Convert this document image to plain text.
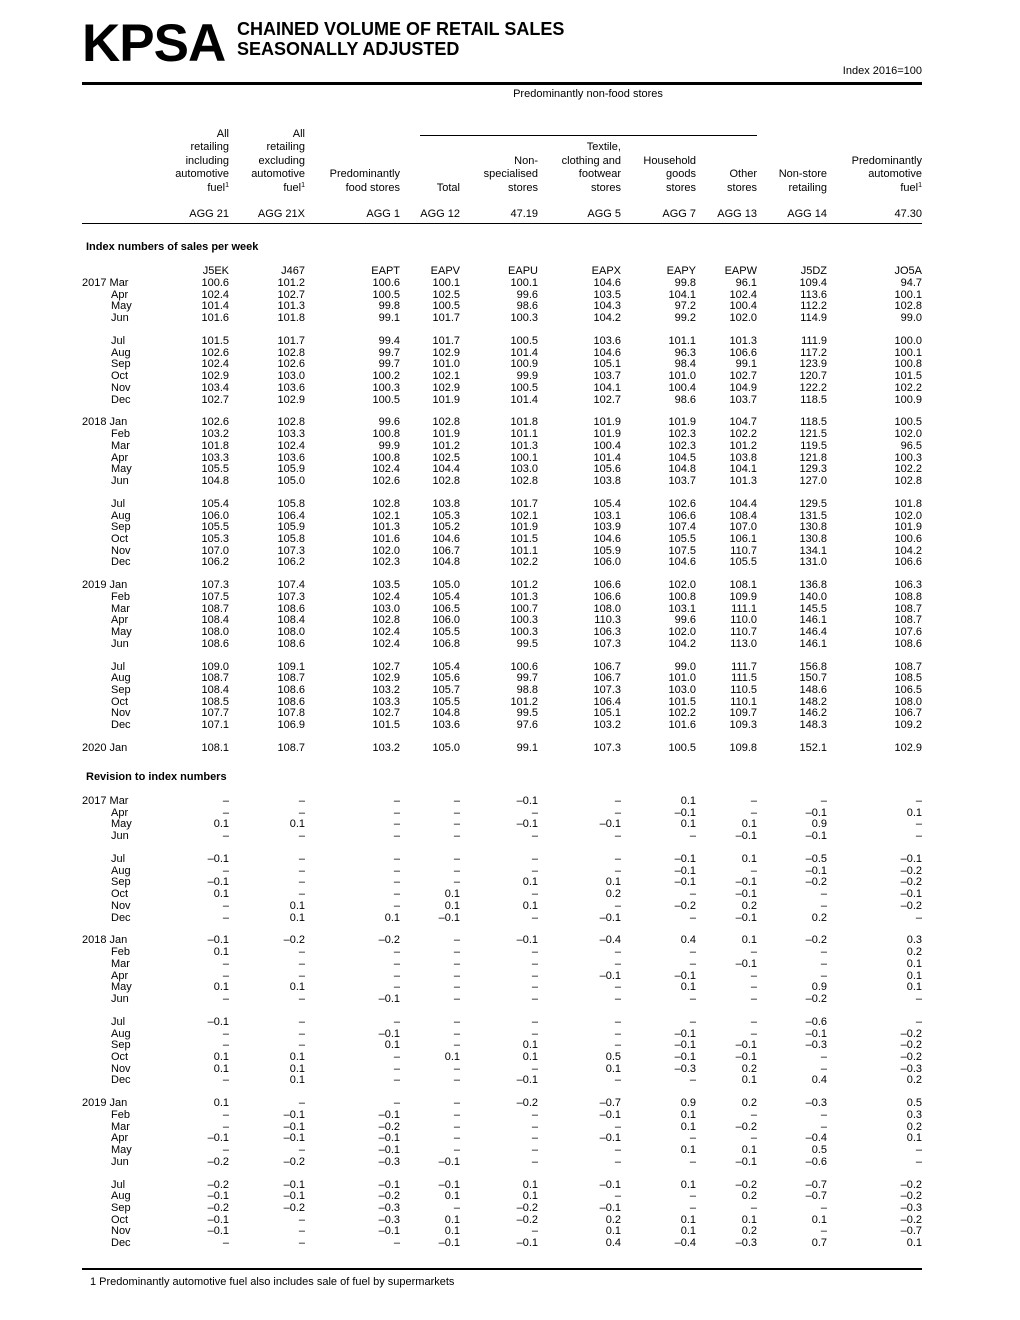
KPSA CHAINED VOLUME OF RETAIL SALES
SEASONALLY ADJUSTED
Index 2016=100
Predominantly non-food stores
All
retailing
including
automotive
fuel$^1$
AGG 21
All
retailing
excluding
automotive
fuel$^1$
AGG 21X
Predominantly
food stores
AGG 1
Total
AGG 12
Non-
specialised
stores
47.19
Textile,
clothing and
footwear
stores
AGG 5
Household
goods
stores
AGG 7
Other
stores
AGG 13
Non-store
retailing
AGG 14
Predominantly
automotive
fuel$^1$
47.30
Index numbers of sales per week
J5EK	J467	EAPT	EAPV	EAPU	EAPX	EAPY	EAPW	J5DZ	JO5A
2017 Mar	100.6	101.2	100.6	100.1	100.1	104.6	99.8	96.1	109.4	94.7
Apr	102.4	102.7	100.5	102.5	99.6	103.5	104.1	102.4	113.6	100.1
May	101.4	101.3	99.8	100.5	98.6	104.3	97.2	100.4	112.2	102.8
Jun	101.6	101.8	99.1	101.7	100.3	104.2	99.2	102.0	114.9	99.0
Jul	101.5	101.7	99.4	101.7	100.5	103.6	101.1	101.3	111.9	100.0
Aug	102.6	102.8	99.7	102.9	101.4	104.6	96.3	106.6	117.2	100.1
Sep	102.4	102.6	99.7	101.0	100.9	105.1	98.4	99.1	123.9	100.8
Oct	102.9	103.0	100.2	102.1	99.9	103.7	101.0	102.7	120.7	101.5
Nov	103.4	103.6	100.3	102.9	100.5	104.1	100.4	104.9	122.2	102.2
Dec	102.7	102.9	100.5	101.9	101.4	102.7	98.6	103.7	118.5	100.9
2018 Jan	102.6	102.8	99.6	102.8	101.8	101.9	101.9	104.7	118.5	100.5
Feb	103.2	103.3	100.8	101.9	101.1	101.9	102.3	102.2	121.5	102.0
Mar	101.8	102.4	99.9	101.2	101.3	100.4	102.3	101.2	119.5	96.5
Apr	103.3	103.6	100.8	102.5	100.1	101.4	104.5	103.8	121.8	100.3
May	105.5	105.9	102.4	104.4	103.0	105.6	104.8	104.1	129.3	102.2
Jun	104.8	105.0	102.6	102.8	102.8	103.8	103.7	101.3	127.0	102.8
Jul	105.4	105.8	102.8	103.8	101.7	105.4	102.6	104.4	129.5	101.8
Aug	106.0	106.4	102.1	105.3	102.1	103.1	106.6	108.4	131.5	102.0
Sep	105.5	105.9	101.3	105.2	101.9	103.9	107.4	107.0	130.8	101.9
Oct	105.3	105.8	101.6	104.6	101.5	104.6	105.5	106.1	130.8	100.6
Nov	107.0	107.3	102.0	106.7	101.1	105.9	107.5	110.7	134.1	104.2
Dec	106.2	106.2	102.3	104.8	102.2	106.0	104.6	105.5	131.0	106.6
2019 Jan	107.3	107.4	103.5	105.0	101.2	106.6	102.0	108.1	136.8	106.3
Feb	107.5	107.3	102.4	105.4	101.3	106.6	100.8	109.9	140.0	108.8
Mar	108.7	108.6	103.0	106.5	100.7	108.0	103.1	111.1	145.5	108.7
Apr	108.4	108.4	102.8	106.0	100.3	110.3	99.6	110.0	146.1	108.7
May	108.0	108.0	102.4	105.5	100.3	106.3	102.0	110.7	146.4	107.6
Jun	108.6	108.6	102.4	106.8	99.5	107.3	104.2	113.0	146.1	108.6
Jul	109.0	109.1	102.7	105.4	100.6	106.7	99.0	111.7	156.8	108.7
Aug	108.7	108.7	102.9	105.6	99.7	106.7	101.0	111.5	150.7	108.5
Sep	108.4	108.6	103.2	105.7	98.8	107.3	103.0	110.5	148.6	106.5
Oct	108.5	108.6	103.3	105.5	101.2	106.4	101.5	110.1	148.2	108.0
Nov	107.7	107.8	102.7	104.8	99.5	105.1	102.2	109.7	146.2	106.7
Dec	107.1	106.9	101.5	103.6	97.6	103.2	101.6	109.3	148.3	109.2
2020 Jan	108.1	108.7	103.2	105.0	99.1	107.3	100.5	109.8	152.1	102.9
Revision to index numbers
2017 Mar	–	–	–	–	–0.1	–	0.1	–	–	–
Apr	–	–	–	–	–	–	–0.1	–	–0.1	0.1
May	0.1	0.1	–	–	–0.1	–0.1	0.1	0.1	0.9	–
Jun	–	–	–	–	–	–	–	–0.1	–0.1	–
Jul	–0.1	–	–	–	–	–	–0.1	0.1	–0.5	–0.1
Aug	–	–	–	–	–	–	–0.1	–	–0.1	–0.2
Sep	–0.1	–	–	–	0.1	0.1	–0.1	–0.1	–0.2	–0.2
Oct	0.1	–	–	0.1	–	0.2	–	–0.1	–	–0.1
Nov	–	0.1	–	0.1	0.1	–	–0.2	0.2	–	–0.2
Dec	–	0.1	0.1	–0.1	–	–0.1	–	–0.1	0.2	–
2018 Jan	–0.1	–0.2	–0.2	–	–0.1	–0.4	0.4	0.1	–0.2	0.3
Feb	0.1	–	–	–	–	–	–	–	–	0.2
Mar	–	–	–	–	–	–	–	–0.1	–	0.1
Apr	–	–	–	–	–	–0.1	–0.1	–	–	0.1
May	0.1	0.1	–	–	–	–	0.1	–	0.9	0.1
Jun	–	–	–0.1	–	–	–	–	–	–0.2	–
Jul	–0.1	–	–	–	–	–	–	–	–0.6	–
Aug	–	–	–0.1	–	–	–	–0.1	–	–0.1	–0.2
Sep	–	–	0.1	–	0.1	–	–0.1	–0.1	–0.3	–0.2
Oct	0.1	0.1	–	0.1	0.1	0.5	–0.1	–0.1	–	–0.2
Nov	0.1	0.1	–	–	–	0.1	–0.3	0.2	–	–0.3
Dec	–	0.1	–	–	–0.1	–	–	0.1	0.4	0.2
2019 Jan	0.1	–	–	–	–0.2	–0.7	0.9	0.2	–0.3	0.5
Feb	–	–0.1	–0.1	–	–	–0.1	0.1	–	–	0.3
Mar	–	–0.1	–0.2	–	–	–	0.1	–0.2	–	0.2
Apr	–0.1	–0.1	–0.1	–	–	–0.1	–	–	–0.4	0.1
May	–	–	–0.1	–	–	–	0.1	0.1	0.5	–
Jun	–0.2	–0.2	–0.3	–0.1	–	–	–	–0.1	–0.6	–
Jul	–0.2	–0.1	–0.1	–0.1	0.1	–0.1	0.1	–0.2	–0.7	–0.2
Aug	–0.1	–0.1	–0.2	0.1	0.1	–	–	0.2	–0.7	–0.2
Sep	–0.2	–0.2	–0.3	–	–0.2	–0.1	–	–	–	–0.3
Oct	–0.1	–	–0.3	0.1	–0.2	0.2	0.1	0.1	0.1	–0.2
Nov	–0.1	–	–0.1	0.1	–	0.1	0.1	0.2	–	–0.7
Dec	–	–	–	–0.1	–0.1	0.4	–0.4	–0.3	0.7	0.1
1 Predominantly automotive fuel also includes sale of fuel by supermarkets
